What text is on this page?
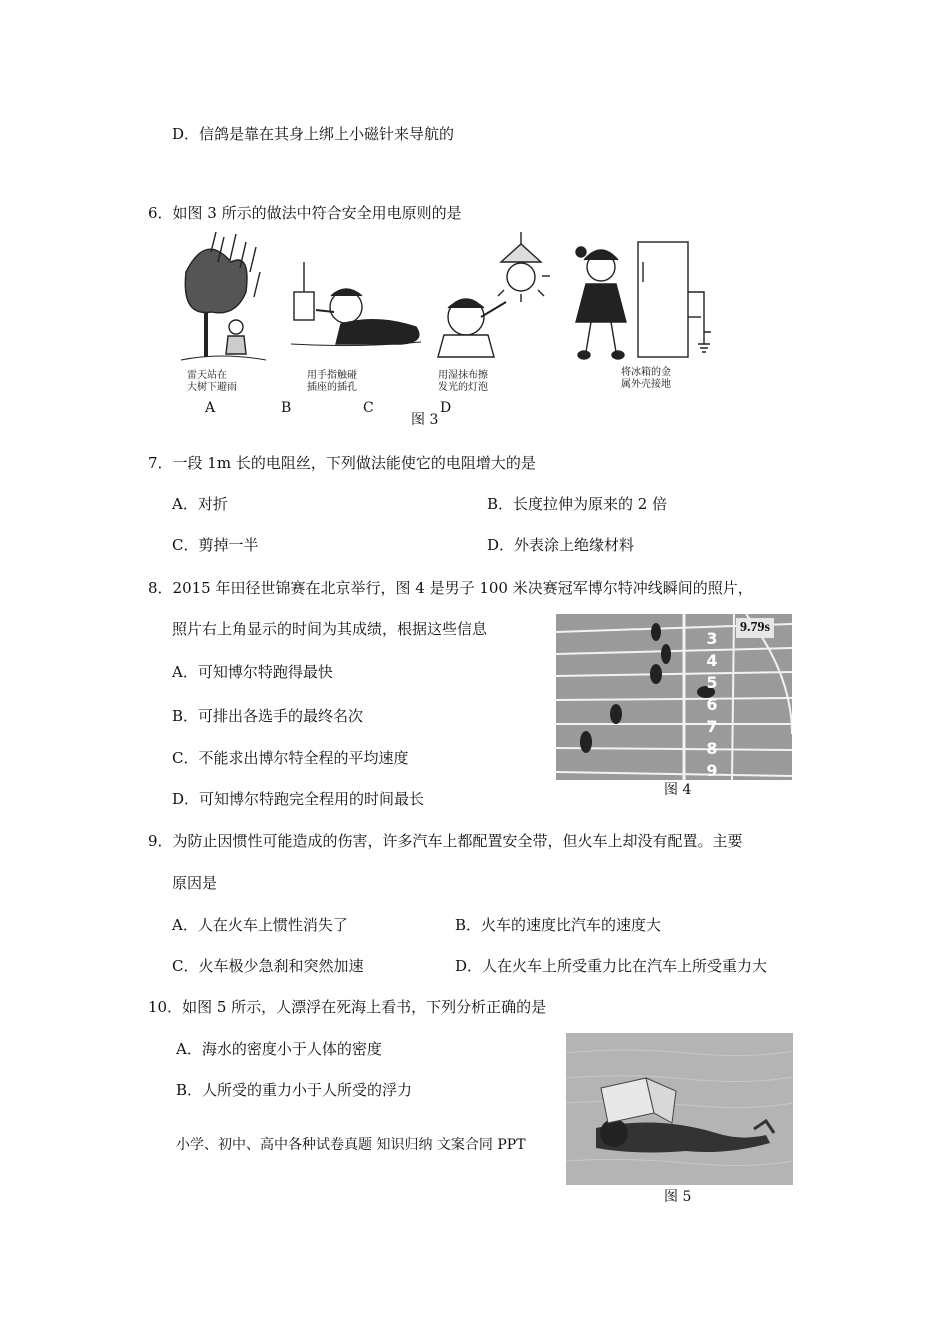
D．信鸽是靠在其身上绑上小磁针来导航的
6．如图 3 所示的做法中符合安全用电原则的是
雷天站在
大树下避雨
用手指触碰
插座的插孔
用湿抹布擦
发光的灯泡
将冰箱的金
属外壳接地
A	B	C	D
图 3
7．一段 1m 长的电阻丝，下列做法能使它的电阻增大的是
A．对折	B．长度拉伸为原来的 2 倍
C．剪掉一半	D．外表涂上绝缘材料
8．2015 年田径世锦赛在北京举行，图 4 是男子 100 米决赛冠军博尔特冲线瞬间的照片，
照片右上角显示的时间为其成绩，根据这些信息
A．可知博尔特跑得最快
B．可排出各选手的最终名次
C．不能求出博尔特全程的平均速度
D．可知博尔特跑完全程用的时间最长
3
4
5
6
7
8
9
9.79s
图 4
9．为防止因惯性可能造成的伤害，许多汽车上都配置安全带，但火车上却没有配置。主要
原因是
A．人在火车上惯性消失了	B．火车的速度比汽车的速度大
C．火车极少急刹和突然加速	D．人在火车上所受重力比在汽车上所受重力大
10．如图 5 所示，人漂浮在死海上看书，下列分析正确的是
A．海水的密度小于人体的密度
B．人所受的重力小于人所受的浮力
小学、初中、高中各种试卷真题 知识归纳 文案合同 PPT
图 5
